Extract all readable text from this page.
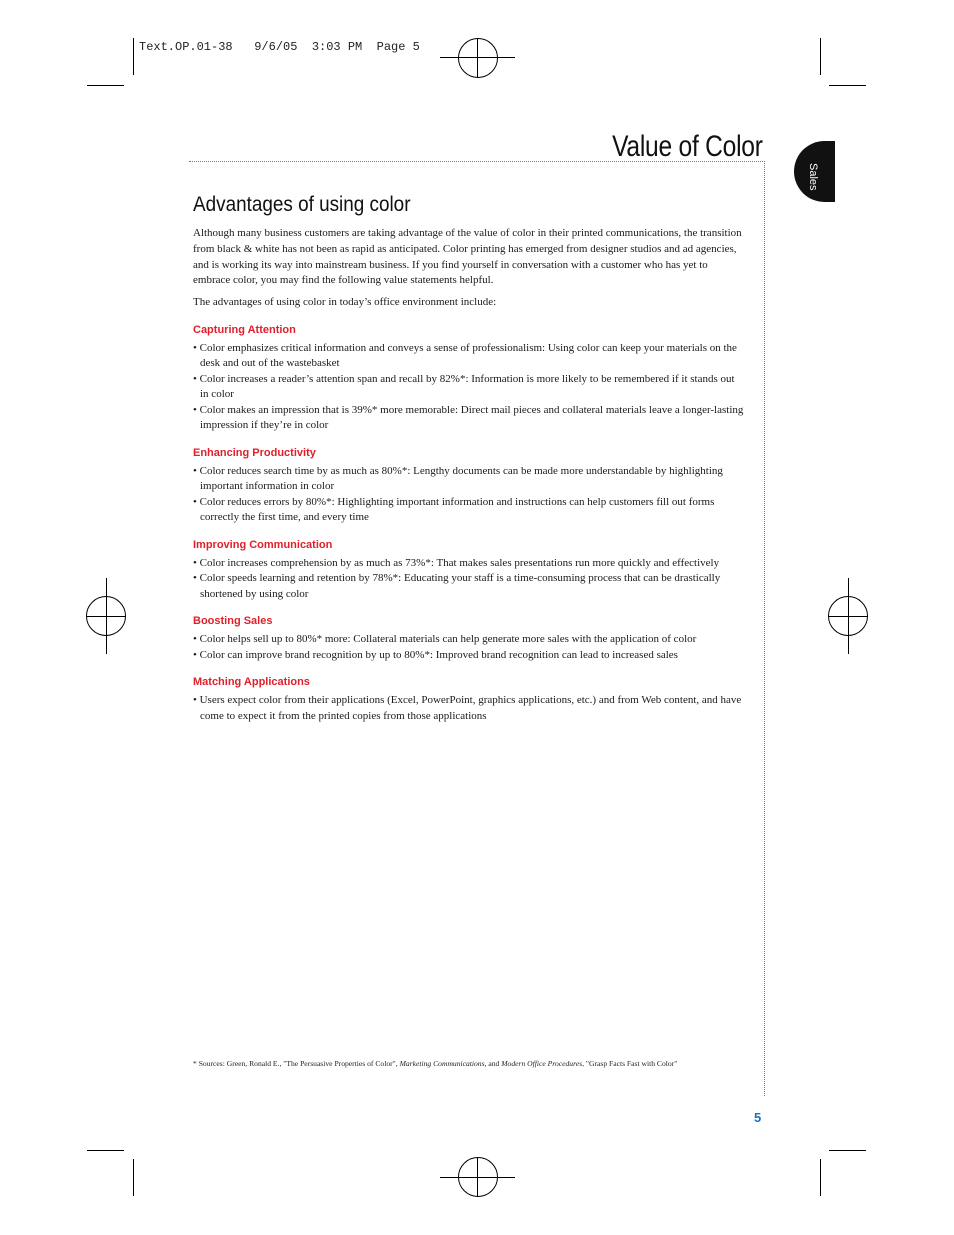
Text.OP.01-38   9/6/05  3:03 PM  Page 5
Value of Color
Sales
Advantages of using color

Although many business customers are taking advantage of the value of color in their printed communications, the transition from black & white has not been as rapid as anticipated. Color printing has emerged from designer studios and ad agencies, and is working its way into mainstream business. If you find yourself in conversation with a customer who has yet to embrace color, you may find the following value statements helpful.

The advantages of using color in today’s office environment include:

Capturing Attention
• Color emphasizes critical information and conveys a sense of professionalism: Using color can keep your materials on the desk and out of the wastebasket
• Color increases a reader’s attention span and recall by 82%*: Information is more likely to be remembered if it stands out in color
• Color makes an impression that is 39%* more memorable: Direct mail pieces and collateral materials leave a longer-lasting impression if they’re in color
Enhancing Productivity
• Color reduces search time by as much as 80%*: Lengthy documents can be made more understandable by highlighting important information in color
• Color reduces errors by 80%*: Highlighting important information and instructions can help customers fill out forms correctly the first time, and every time
Improving Communication
• Color increases comprehension by as much as 73%*: That makes sales presentations run more quickly and effectively
• Color speeds learning and retention by 78%*: Educating your staff is a time-consuming process that can be drastically shortened by using color
Boosting Sales
• Color helps sell up to 80%* more: Collateral materials can help generate more sales with the application of color
• Color can improve brand recognition by up to 80%*: Improved brand recognition can lead to increased sales
Matching Applications
• Users expect color from their applications (Excel, PowerPoint, graphics applications, etc.) and from Web content, and have come to expect it from the printed copies from those applications
* Sources: Green, Ronald E., "The Persuasive Properties of Color", Marketing Communications, and Modern Office Procedures, "Grasp Facts Fast with Color"
5
